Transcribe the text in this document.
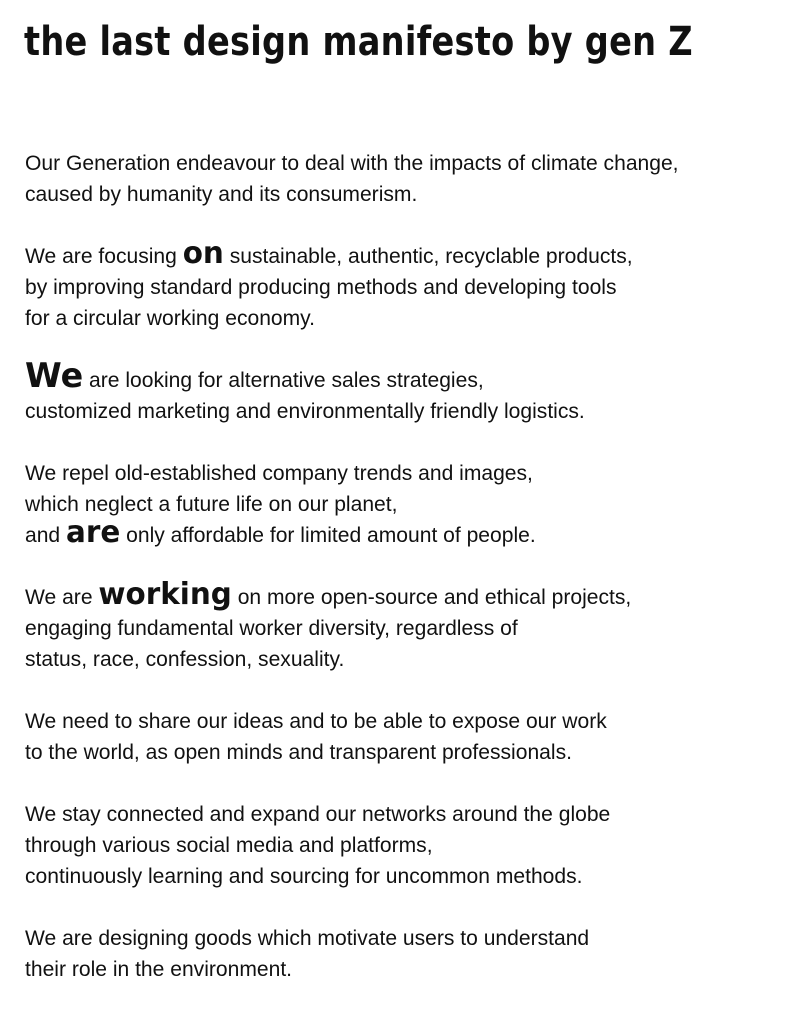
the last design manifesto by gen Z
Our Generation endeavour to deal with the impacts of climate change,
caused by humanity and its consumerism.
We are focusing on sustainable, authentic, recyclable products,
by improving standard producing methods and developing tools
for a circular working economy.
We are looking for alternative sales strategies,
customized marketing and environmentally friendly logistics.
We repel old-established company trends and images,
which neglect a future life on our planet,
and are only affordable for limited amount of people.
We are working on more open-source and ethical projects,
engaging fundamental worker diversity, regardless of
status, race, confession, sexuality.
We need to share our ideas and to be able to expose our work
to the world, as open minds and transparent professionals.
We stay connected and expand our networks around the globe
through various social media and platforms,
continuously learning and sourcing for uncommon methods.
We are designing goods which motivate users to understand
their role in the environment.
